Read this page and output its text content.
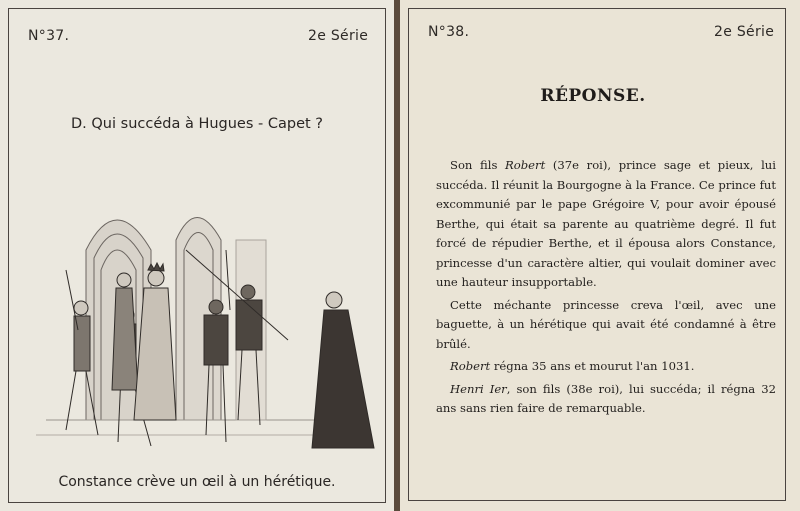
N°37.	2e Série
D. Qui succéda à Hugues - Capet ?
Constance crève un œil à un hérétique.
N°38.	2e Série
RÉPONSE.

Son fils Robert (37e roi), prince sage et pieux, lui succéda. Il réunit la Bourgogne à la France. Ce prince fut excommunié par le pape Grégoire V, pour avoir épousé Berthe, qui était sa parente au quatrième degré. Il fut forcé de répudier Berthe, et il épousa alors Constance, princesse d'un caractère altier, qui voulait dominer avec une hauteur insupportable.

Cette méchante princesse creva l'œil, avec une baguette, à un hérétique qui avait été condamné à être brûlé.

Robert régna 35 ans et mourut l'an 1031.

Henri Ier, son fils (38e roi), lui succéda; il régna 32 ans sans rien faire de remarquable.
